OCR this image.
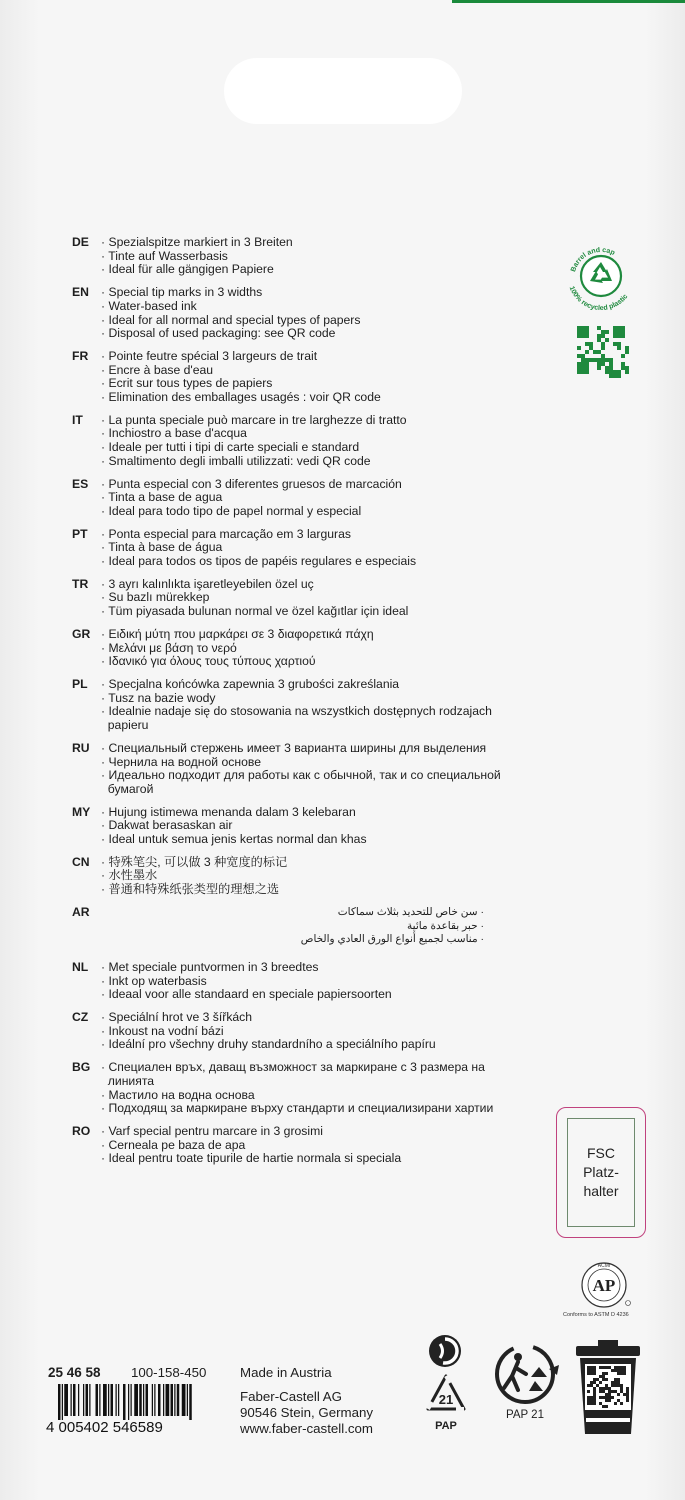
DE · Spezialspitze markiert in 3 Breiten
· Tinte auf Wasserbasis
· Ideal für alle gängigen Papiere
EN · Special tip marks in 3 widths
· Water-based ink
· Ideal for all normal and special types of papers
· Disposal of used packaging: see QR code
FR	· Pointe feutre spécial 3 largeurs de trait
· Encre à base d'eau
· Ecrit sur tous types de papiers
· Elimination des emballages usagés : voir QR code
IT	· La punta speciale può marcare in tre larghezze di tratto
· Inchiostro a base d'acqua
· Ideale per tutti i tipi di carte speciali e standard
· Smaltimento degli imballi utilizzati: vedi QR code
ES	· Punta especial con 3 diferentes gruesos de marcación
· Tinta a base de agua
· Ideal para todo tipo de papel normal y especial
PT	· Ponta especial para marcação em 3 larguras
· Tinta à base de água
· Ideal para todos os tipos de papéis regulares e especiais
TR	· 3 ayrı kalınlıkta işaretleyebilen özel uç
· Su bazlı mürekkep
· Tüm piyasada bulunan normal ve özel kağıtlar için ideal
GR · Ειδική μύτη που μαρκάρει σε 3 διαφορετικά πάχη
· Μελάνι με βάση το νερό
· Ιδανικό για όλους τους τύπους χαρτιού
PL	· Specjalna końcówka zapewnia 3 grubości zakreślania
· Tusz na bazie wody
· Idealnie nadaje się do stosowania na wszystkich dostępnych rodzajach
papieru
RU · Специальный стержень имеет 3 варианта ширины для выделения
· Чернила на водной основе
· Идеально подходит для работы как с обычной, так и со специальной
бумагой
MY · Hujung istimewa menanda dalam 3 kelebaran
· Dakwat berasaskan air
· Ideal untuk semua jenis kertas normal dan khas
CN · 特殊笔尖, 可以做 3 种宽度的标记
· 水性墨水
· 普通和特殊纸张类型的理想之选
AR	· سن خاص للتحديد بثلاث سماكات
· حبر بقاعدة مائية
· مناسب لجميع أنواع الورق العادي والخاص
NL	· Met speciale puntvormen in 3 breedtes
· Inkt op waterbasis
· Ideaal voor alle standaard en speciale papiersoorten
CZ	· Speciální hrot ve 3 šířkách
· Inkoust na vodní bázi
· Ideální pro všechny druhy standardního a speciálního papíru
BG · Специален връх, даващ възможност за маркиране с 3 размера на
линията
· Мастило на водна основа
· Подходящ за маркиране върху стандарти и специализирани хартии
RO · Varf special pentru marcare in 3 grosimi
· Cerneala pe baza de apa
· Ideal pentru toate tipurile de hartie normala si speciala
Barrel and cap
100% recycled plastic
FSC
Platz-
halter
ACMI
AP
Conforms to ASTM D 4236
25 46 58 100-158-450	Made in Austria
Faber-Castell AG
90546 Stein, Germany
www.faber-castell.com
4 005402 546589
21
PAP
PAP 21
